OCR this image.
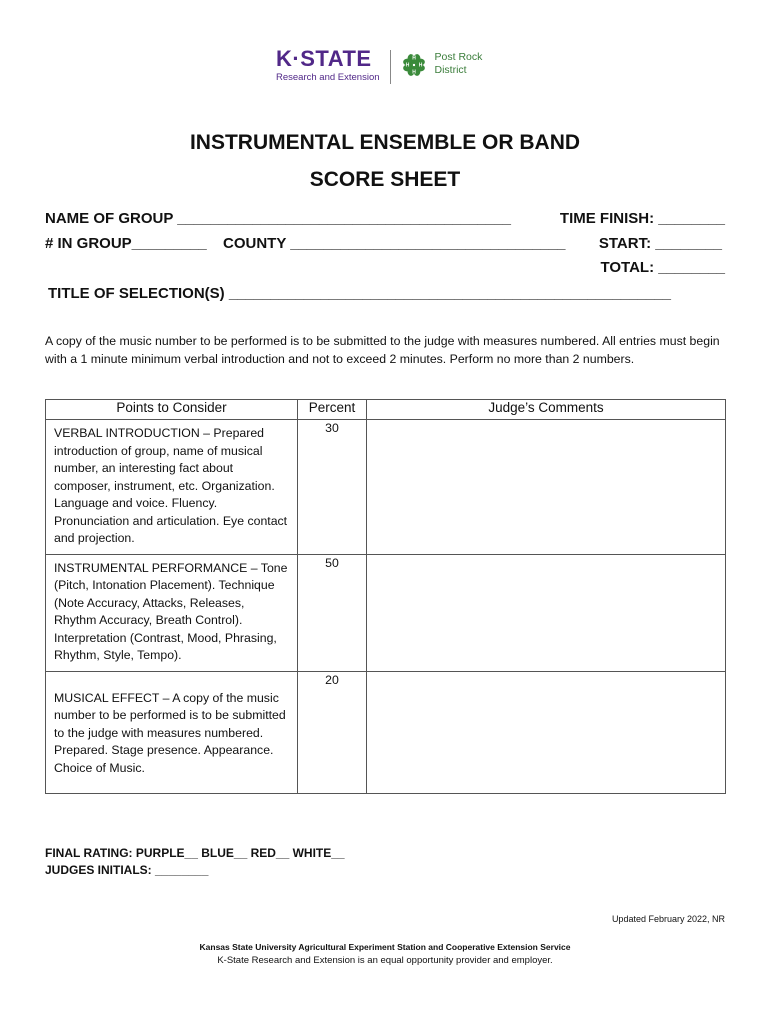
K·STATE
Research and Extension
H
H
H
H
Post Rock
District
INSTRUMENTAL ENSEMBLE OR BAND
SCORE SHEET
NAME OF GROUP ________________________________________	TIME FINISH: ________
# IN GROUP_________ COUNTY _________________________________ START: ________
TOTAL: ________
TITLE OF SELECTION(S) _____________________________________________________
A copy of the music number to be performed is to be submitted to the judge with measures numbered. All entries must begin with a 1 minute minimum verbal introduction and not to exceed 2 minutes. Perform no more than 2 numbers.
Points to Consider	Percent	Judge’s Comments
VERBAL INTRODUCTION – Prepared introduction of group, name of musical number, an interesting fact about composer, instrument, etc. Organization. Language and voice. Fluency. Pronunciation and articulation. Eye contact and projection.	30	
INSTRUMENTAL PERFORMANCE – Tone (Pitch, Intonation Placement). Technique (Note Accuracy, Attacks, Releases, Rhythm Accuracy, Breath Control). Interpretation (Contrast, Mood, Phrasing, Rhythm, Style, Tempo).	50	
MUSICAL EFFECT – A copy of the music number to be performed is to be submitted to the judge with measures numbered. Prepared. Stage presence. Appearance. Choice of Music.	20	
FINAL RATING: PURPLE__ BLUE__ RED__ WHITE__
JUDGES INITIALS: ________
Updated February 2022, NR
Kansas State University Agricultural Experiment Station and Cooperative Extension Service
K-State Research and Extension is an equal opportunity provider and employer.
